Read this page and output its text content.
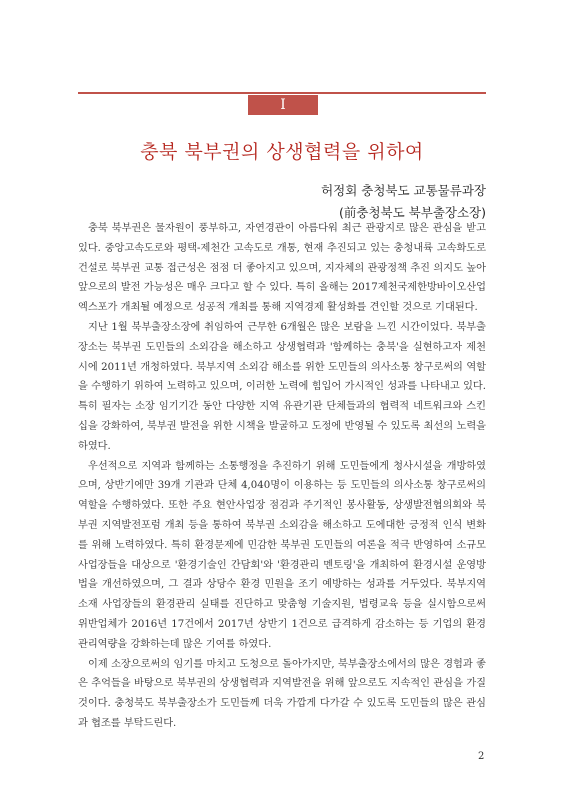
I
충북 북부권의 상생협력을 위하여
허정회 충청북도 교통물류과장
(前충청북도 북부출장소장)

충북 북부권은 물자원이 풍부하고, 자연경관이 아름다워 최근 관광지로 많은 관심을 받고 있다. 중앙고속도로와 평택-제천간 고속도로 개통, 현재 추진되고 있는 충청내륙 고속화도로 건설로 북부권 교통 접근성은 점점 더 좋아지고 있으며, 지자체의 관광정책 추진 의지도 높아 앞으로의 발전 가능성은 매우 크다고 할 수 있다. 특히 올해는 2017제천국제한방바이오산업엑스포가 개최될 예정으로 성공적 개최를 통해 지역경제 활성화를 견인할 것으로 기대된다.

지난 1월 북부출장소장에 취임하여 근무한 6개월은 많은 보람을 느낀 시간이었다. 북부출장소는 북부권 도민들의 소외감을 해소하고 상생협력과 '함께하는 충북'을 실현하고자 제천시에 2011년 개청하였다. 북부지역 소외감 해소를 위한 도민들의 의사소통 창구로써의 역할을 수행하기 위하여 노력하고 있으며, 이러한 노력에 힘입어 가시적인 성과를 나타내고 있다. 특히 필자는 소장 임기기간 동안 다양한 지역 유관기관 단체들과의 협력적 네트워크와 스킨십을 강화하여, 북부권 발전을 위한 시책을 발굴하고 도정에 반영될 수 있도록 최선의 노력을 하였다.

우선적으로 지역과 함께하는 소통행정을 추진하기 위해 도민들에게 청사시설을 개방하였으며, 상반기에만 39개 기관과 단체 4,040명이 이용하는 등 도민들의 의사소통 창구로써의 역할을 수행하였다. 또한 주요 현안사업장 점검과 주기적인 봉사활동, 상생발전협의회와 북부권 지역발전포럼 개최 등을 통하여 북부권 소외감을 해소하고 도에대한 긍정적 인식 변화를 위해 노력하였다. 특히 환경문제에 민감한 북부권 도민들의 여론을 적극 반영하여 소규모 사업장들을 대상으로 '환경기술인 간담회'와 '환경관리 멘토링'을 개최하여 환경시설 운영방법을 개선하였으며, 그 결과 상당수 환경 민원을 조기 예방하는 성과를 거두었다. 북부지역 소재 사업장들의 환경관리 실태를 진단하고 맞춤형 기술지원, 법령교육 등을 실시함으로써 위반업체가 2016년 17건에서 2017년 상반기 1건으로 급격하게 감소하는 등 기업의 환경관리역량을 강화하는데 많은 기여를 하였다.

이제 소장으로써의 임기를 마치고 도청으로 돌아가지만, 북부출장소에서의 많은 경험과 좋은 추억들을 바탕으로 북부권의 상생협력과 지역발전을 위해 앞으로도 지속적인 관심을 가질 것이다. 충청북도 북부출장소가 도민들께 더욱 가깝게 다가갈 수 있도록 도민들의 많은 관심과 협조를 부탁드린다.

2
